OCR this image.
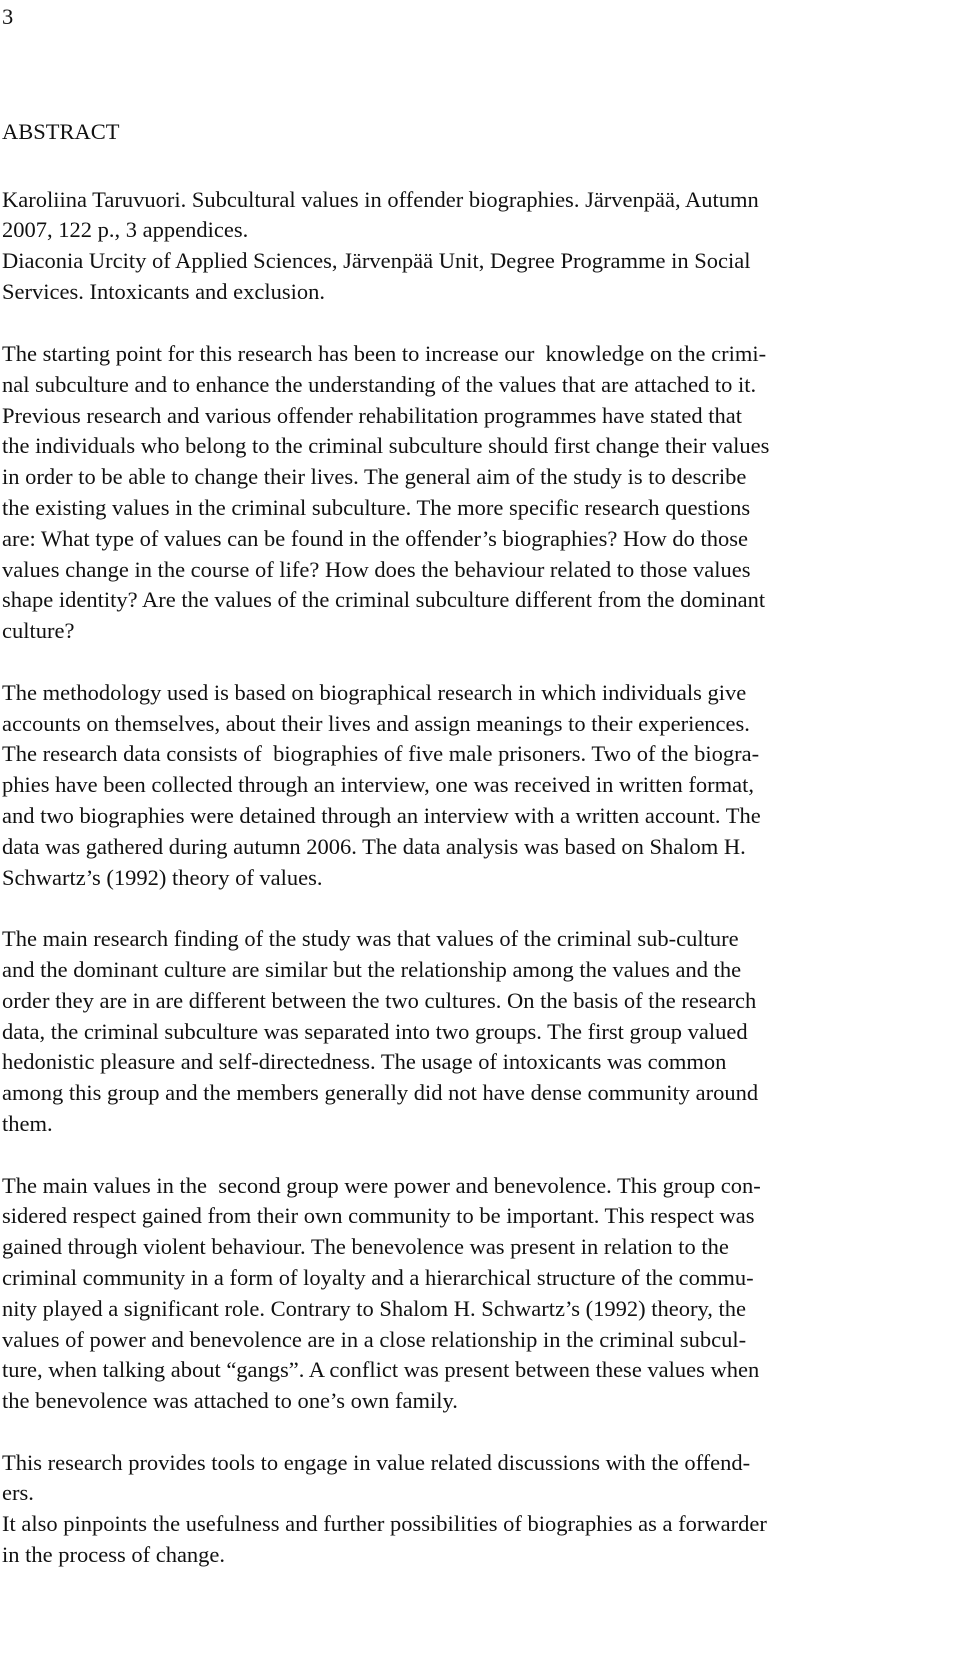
3

ABSTRACT

Karoliina Taruvuori. Subcultural values in offender biographies. Järvenpää, Autumn

2007, 122 p., 3 appendices.

Diaconia Urcity of Applied Sciences, Järvenpää Unit, Degree Programme in Social

Services. Intoxicants and exclusion.

The starting point for this research has been to increase our  knowledge on the crimi-

nal subculture and to enhance the understanding of the values that are attached to it.

Previous research and various offender rehabilitation programmes have stated that

the individuals who belong to the criminal subculture should first change their values

in order to be able to change their lives. The general aim of the study is to describe

the existing values in the criminal subculture. The more specific research questions

are: What type of values can be found in the offender’s biographies? How do those

values change in the course of life? How does the behaviour related to those values

shape identity? Are the values of the criminal subculture different from the dominant

culture?

The methodology used is based on biographical research in which individuals give

accounts on themselves, about their lives and assign meanings to their experiences.

The research data consists of  biographies of five male prisoners. Two of the biogra-

phies have been collected through an interview, one was received in written format,

and two biographies were detained through an interview with a written account. The

data was gathered during autumn 2006. The data analysis was based on Shalom H.

Schwartz’s (1992) theory of values.

The main research finding of the study was that values of the criminal sub-culture

and the dominant culture are similar but the relationship among the values and the

order they are in are different between the two cultures. On the basis of the research

data, the criminal subculture was separated into two groups. The first group valued

hedonistic pleasure and self-directedness. The usage of intoxicants was common

among this group and the members generally did not have dense community around

them.

The main values in the  second group were power and benevolence. This group con-

sidered respect gained from their own community to be important. This respect was

gained through violent behaviour. The benevolence was present in relation to the

criminal community in a form of loyalty and a hierarchical structure of the commu-

nity played a significant role. Contrary to Shalom H. Schwartz’s (1992) theory, the

values of power and benevolence are in a close relationship in the criminal subcul-

ture, when talking about “gangs”. A conflict was present between these values when

the benevolence was attached to one’s own family.

This research provides tools to engage in value related discussions with the offend-

ers.

It also pinpoints the usefulness and further possibilities of biographies as a forwarder

in the process of change.
